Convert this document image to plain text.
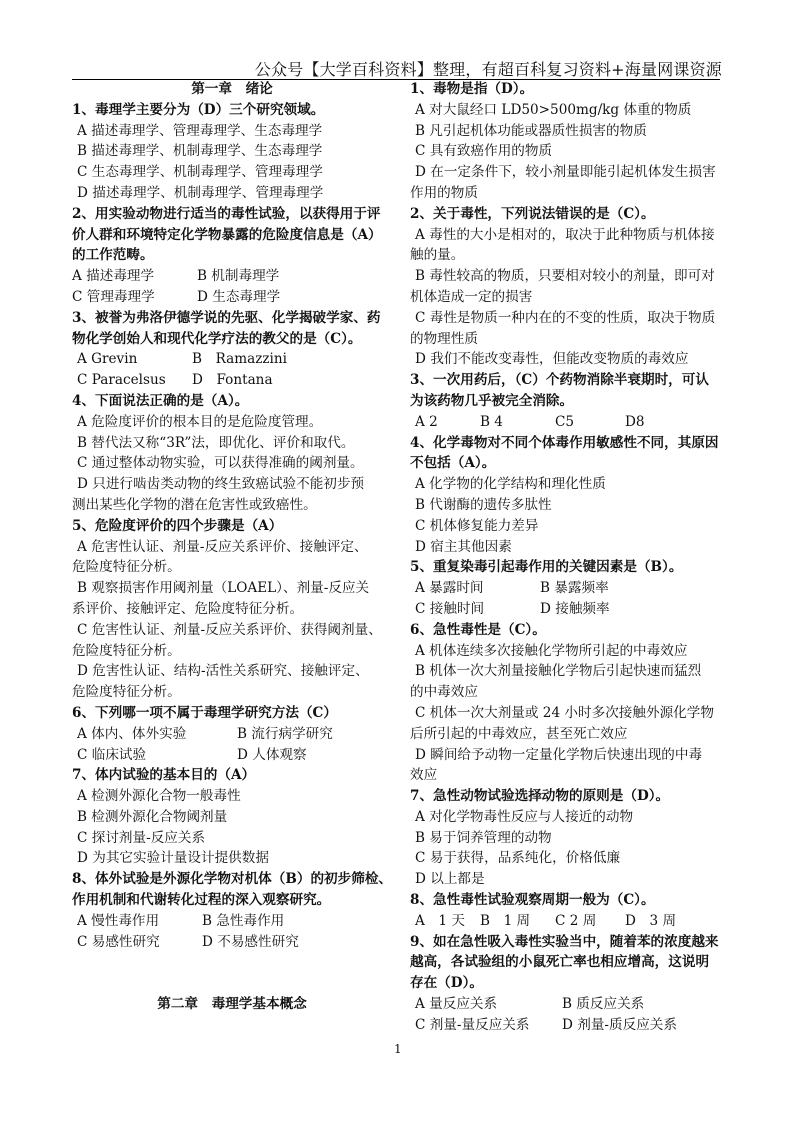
公众号【大学百科资料】整理，有超百科复习资料+海量网课资源
第一章　绪论
1、毒理学主要分为（D）三个研究领域。
A 描述毒理学、管理毒理学、生态毒理学
B 描述毒理学、机制毒理学、生态毒理学
C 生态毒理学、机制毒理学、管理毒理学
D 描述毒理学、机制毒理学、管理毒理学
2、用实验动物进行适当的毒性试验，以获得用于评
价人群和环境特定化学物暴露的危险度信息是（A）
的工作范畴。
A 描述毒理学	B 机制毒理学
C 管理毒理学	D 生态毒理学
3、被誉为弗洛伊德学说的先驱、化学揭破学家、药
物化学创始人和现代化学疗法的教父的是（C）。
A Grevin	B　Ramazzini
C Paracelsus D　Fontana
4、下面说法正确的是（A）。
A 危险度评价的根本目的是危险度管理。
B 替代法又称“3R”法，即优化、评价和取代。
C 通过整体动物实验，可以获得准确的阈剂量。
D 只进行啮齿类动物的终生致癌试验不能初步预
测出某些化学物的潜在危害性或致癌性。
5、危险度评价的四个步骤是（A）
A 危害性认证、剂量-反应关系评价、接触评定、
危险度特征分析。
B 观察损害作用阈剂量（LOAEL）、剂量-反应关
系评价、接触评定、危险度特征分析。
C 危害性认证、剂量-反应关系评价、获得阈剂量、
危险度特征分析。
D 危害性认证、结构-活性关系研究、接触评定、
危险度特征分析。
6、下列哪一项不属于毒理学研究方法（C）
A 体内、体外实验	B 流行病学研究
C 临床试验	D 人体观察
7、体内试验的基本目的（A）
A 检测外源化合物一般毒性
B 检测外源化合物阈剂量
C 探讨剂量-反应关系
D 为其它实验计量设计提供数据
8、体外试验是外源化学物对机体（B）的初步筛检、
作用机制和代谢转化过程的深入观察研究。
A 慢性毒作用	B 急性毒作用
C 易感性研究	D 不易感性研究
第二章　毒理学基本概念
1、毒物是指（D）。
A 对大鼠经口 LD50>500mg/kg 体重的物质
B 凡引起机体功能或器质性损害的物质
C 具有致癌作用的物质
D 在一定条件下，较小剂量即能引起机体发生损害
作用的物质
2、关于毒性，下列说法错误的是（C）。
A 毒性的大小是相对的，取决于此种物质与机体接
触的量。
B 毒性较高的物质，只要相对较小的剂量，即可对
机体造成一定的损害
C 毒性是物质一种内在的不变的性质，取决于物质
的物理性质
D 我们不能改变毒性，但能改变物质的毒效应
3、一次用药后，（C）个药物消除半衰期时，可认
为该药物几乎被完全消除。
A 2	B 4	C5	D8
4、化学毒物对不同个体毒作用敏感性不同，其原因
不包括（A）。
A 化学物的化学结构和理化性质
B 代谢酶的遗传多肽性
C 机体修复能力差异
D 宿主其他因素
5、重复染毒引起毒作用的关键因素是（B）。
A 暴露时间	B 暴露频率
C 接触时间	D 接触频率
6、急性毒性是（C）。
A 机体连续多次接触化学物所引起的中毒效应
B 机体一次大剂量接触化学物后引起快速而猛烈
的中毒效应
C 机体一次大剂量或 24 小时多次接触外源化学物
后所引起的中毒效应，甚至死亡效应
D 瞬间给予动物一定量化学物后快速出现的中毒
效应
7、急性动物试验选择动物的原则是（D）。
A 对化学物毒性反应与人接近的动物
B 易于饲养管理的动物
C 易于获得，品系纯化，价格低廉
D 以上都是
8、急性毒性试验观察周期一般为（C）。
A　1 天 B　1 周 C 2 周 D　3 周
9、如在急性吸入毒性实验当中，随着苯的浓度越来
越高，各试验组的小鼠死亡率也相应增高，这说明
存在（D）。
A 量反应关系	B 质反应关系
C 剂量-量反应关系 D 剂量-质反应关系
1
